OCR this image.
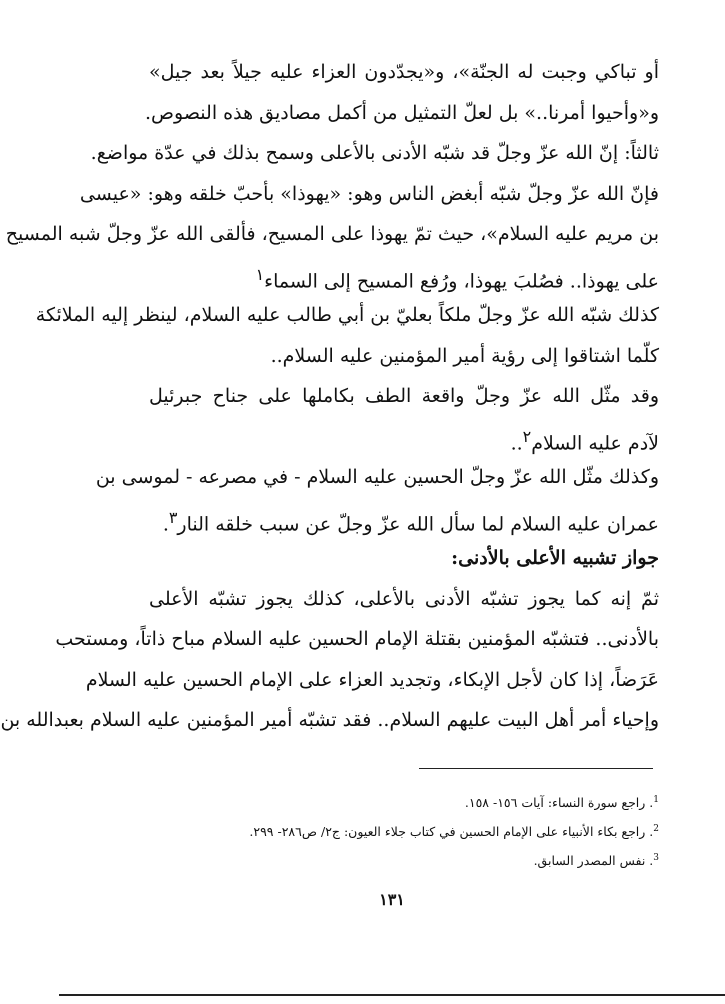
أو تباكي وجبت له الجنّة»، و«يجدّدون العزاء عليه جيلاً بعد جيل»
و«وأحيوا أمرنا..» بل لعلّ التمثيل من أكمل مصاديق هذه النصوص.
ثالثاً: إنّ الله عزّ وجلّ قد شبّه الأدنى بالأعلى وسمح بذلك في عدّة مواضع.
فإنّ الله عزّ وجلّ شبّه أبغض الناس وهو: «يهوذا» بأحبّ خلقه وهو: «عيسى
بن مريم عليه السلام»، حيث تمّ يهوذا على المسيح، فألقى الله عزّ وجلّ شبه المسيح
على يهوذا.. فصُلبَ يهوذا، ورُفع المسيح إلى السماء$^١$
كذلك شبّه الله عزّ وجلّ ملكاً بعليّ بن أبي طالب عليه السلام، لينظر إليه الملائكة
كلّما اشتاقوا إلى رؤية أمير المؤمنين عليه السلام..
وقد مثّل الله عزّ وجلّ واقعة الطف بكاملها على جناح جبرئيل
لآدم عليه السلام$^٢$..
وكذلك مثّل الله عزّ وجلّ الحسين عليه السلام - في مصرعه - لموسى بن
عمران عليه السلام لما سأل الله عزّ وجلّ عن سبب خلقه النار$^٣$.
جواز تشبيه الأعلى بالأدنى:
ثمّ إنه كما يجوز تشبّه الأدنى بالأعلى، كذلك يجوز تشبّه الأعلى
بالأدنى.. فتشبّه المؤمنين بقتلة الإمام الحسين عليه السلام مباح ذاتاً، ومستحب
عَرَضاً، إذا كان لأجل الإبكاء، وتجديد العزاء على الإمام الحسين عليه السلام
وإحياء أمر أهل البيت عليهم السلام.. فقد تشبّه أمير المؤمنين عليه السلام بعبدالله بن
$^1$. راجع سورة النساء: آيات ١٥٦- ١٥٨.
$^2$. راجع بكاء الأنبياء على الإمام الحسين في كتاب جلاء العيون: ج٢/ ص٢٨٦- ٢٩٩.
$^3$. نفس المصدر السابق.
١٣١
